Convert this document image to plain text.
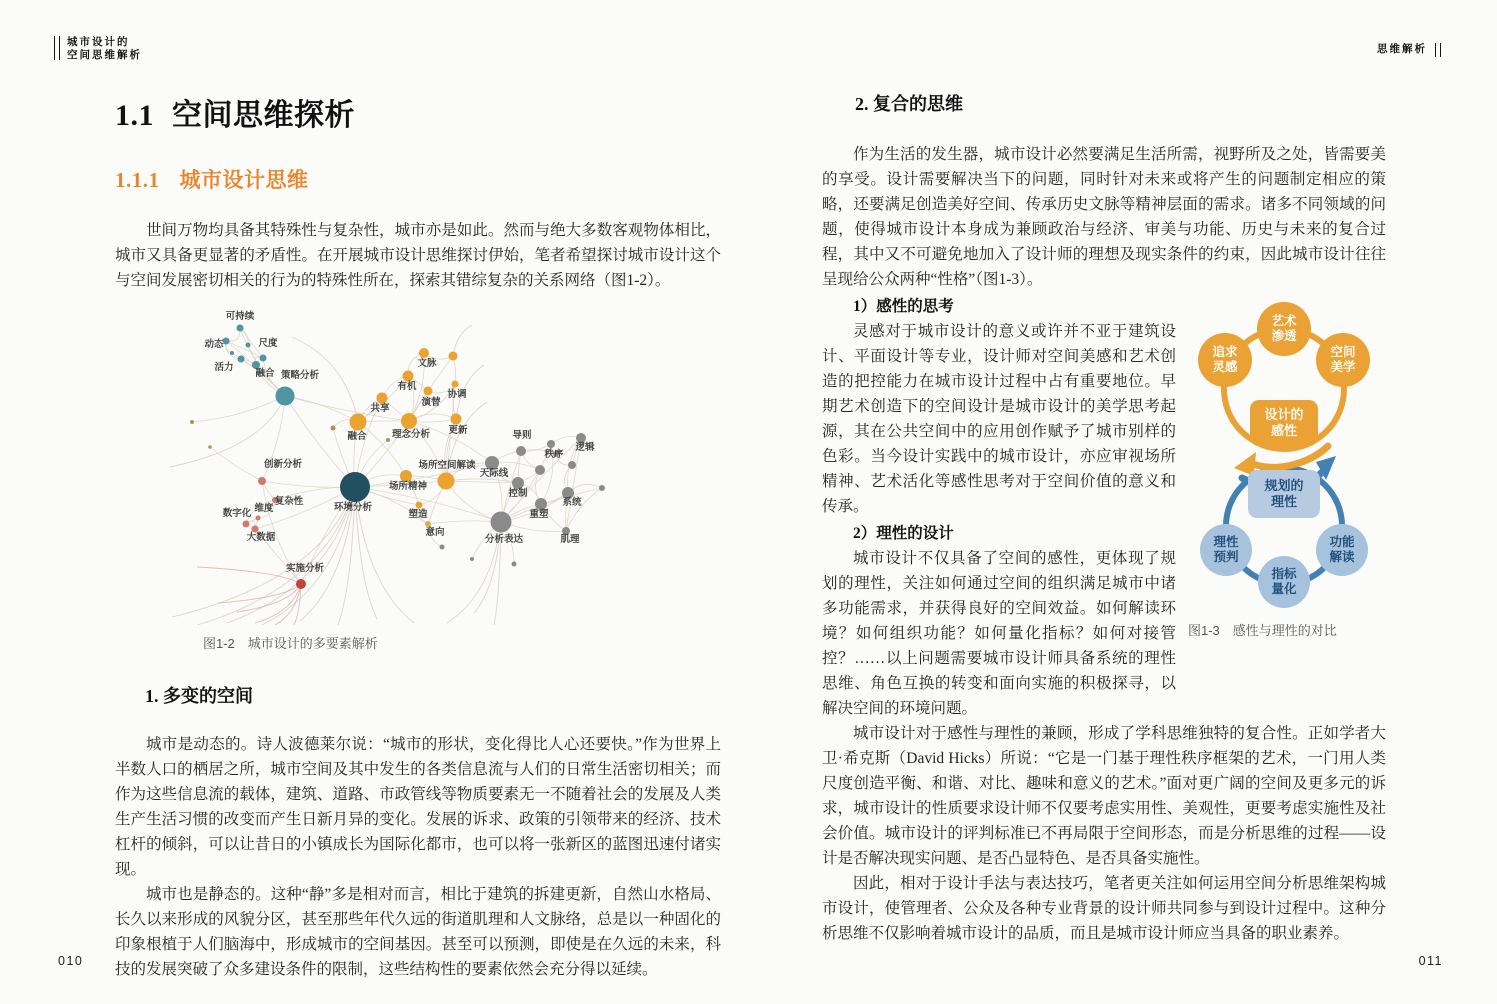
城市设计的
空间思维解析
思维解析
1.1 空间思维探析
1.1.1 城市设计思维

世间万物均具备其特殊性与复杂性，城市亦是如此。然而与绝大多数客观物体相比，城市又具备更显著的矛盾性。在开展城市设计思维探讨伊始，笔者希望探讨城市设计这个与空间发展密切相关的行为的特殊性所在，探索其错综复杂的关系网络（图1-2）。

可持续
动态	尺度
活力
融合 策略分析
文脉
有机
演替
协调
共享
融合	理念分析 更新
场所空间解读
场所精神
塑造
意向
环境分析
创新分析
复杂性
数字化 维度
大数据
实施分析
导则
秩序
逻辑
天际线
控制
系统
重塑
分析表达	肌理
图1-2　城市设计的多要素解析
1. 多变的空间

城市是动态的。诗人波德莱尔说：“城市的形状，变化得比人心还要快。”作为世界上半数人口的栖居之所，城市空间及其中发生的各类信息流与人们的日常生活密切相关；而作为这些信息流的载体，建筑、道路、市政管线等物质要素无一不随着社会的发展及人类生产生活习惯的改变而产生日新月异的变化。发展的诉求、政策的引领带来的经济、技术杠杆的倾斜，可以让昔日的小镇成长为国际化都市，也可以将一张新区的蓝图迅速付诸实现。

城市也是静态的。这种“静”多是相对而言，相比于建筑的拆建更新，自然山水格局、长久以来形成的风貌分区，甚至那些年代久远的街道肌理和人文脉络，总是以一种固化的印象根植于人们脑海中，形成城市的空间基因。甚至可以预测，即使是在久远的未来，科技的发展突破了众多建设条件的限制，这些结构性的要素依然会充分得以延续。

2. 复合的思维

作为生活的发生器，城市设计必然要满足生活所需，视野所及之处，皆需要美的享受。设计需要解决当下的问题，同时针对未来或将产生的问题制定相应的策略，还要满足创造美好空间、传承历史文脉等精神层面的需求。诸多不同领域的问题，使得城市设计本身成为兼顾政治与经济、审美与功能、历史与未来的复合过程，其中又不可避免地加入了设计师的理想及现实条件的约束，因此城市设计往往呈现给公众两种“性格”（图1-3）。

艺术渗透
追求灵感
空间美学
设计的感性
规划的理性
理性预判
功能解读
指标量化
图1-3　感性与理性的对比

1）感性的思考

灵感对于城市设计的意义或许并不亚于建筑设计、平面设计等专业，设计师对空间美感和艺术创造的把控能力在城市设计过程中占有重要地位。早期艺术创造下的空间设计是城市设计的美学思考起源，其在公共空间中的应用创作赋予了城市别样的色彩。当今设计实践中的城市设计，亦应审视场所精神、艺术活化等感性思考对于空间价值的意义和传承。

2）理性的设计

城市设计不仅具备了空间的感性，更体现了规划的理性，关注如何通过空间的组织满足城市中诸多功能需求，并获得良好的空间效益。如何解读环境？如何组织功能？如何量化指标？如何对接管控？……以上问题需要城市设计师具备系统的理性思维、角色互换的转变和面向实施的积极探寻，以解决空间的环境问题。

城市设计对于感性与理性的兼顾，形成了学科思维独特的复合性。正如学者大卫·希克斯（David Hicks）所说：“它是一门基于理性秩序框架的艺术，一门用人类尺度创造平衡、和谐、对比、趣味和意义的艺术。”面对更广阔的空间及更多元的诉求，城市设计的性质要求设计师不仅要考虑实用性、美观性，更要考虑实施性及社会价值。城市设计的评判标准已不再局限于空间形态，而是分析思维的过程——设计是否解决现实问题、是否凸显特色、是否具备实施性。

因此，相对于设计手法与表达技巧，笔者更关注如何运用空间分析思维架构城市设计，使管理者、公众及各种专业背景的设计师共同参与到设计过程中。这种分析思维不仅影响着城市设计的品质，而且是城市设计师应当具备的职业素养。

010	011
